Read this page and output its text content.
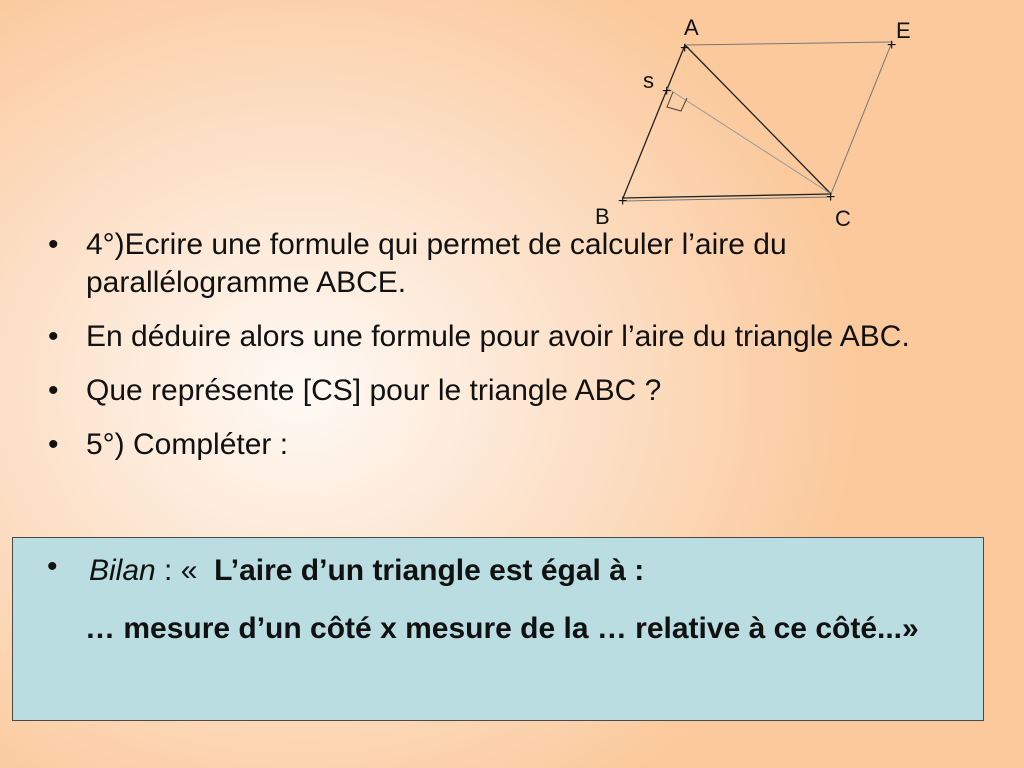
+	+
+
+	+
A	E
s
B	C
• 4°)Ecrire une formule qui permet de calculer l’aire du parallélogramme ABCE.
• En déduire alors une formule pour avoir l’aire du triangle ABC.
• Que représente [CS] pour le triangle ABC ?
• 5°) Compléter :
• Bilan : «  L’aire d’un triangle est égal à :
… mesure d’un côté x mesure de la … relative à ce côté...»
